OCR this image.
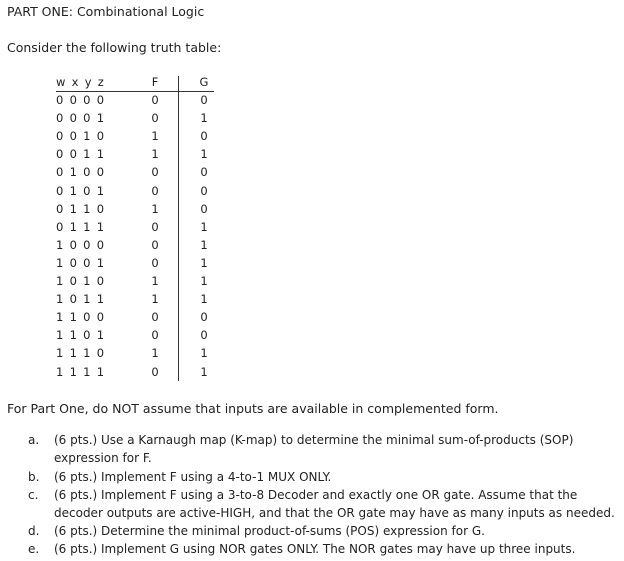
PART ONE: Combinational Logic
Consider the following truth table:
w x y z	F	G
0 0 0 0	0	0
0 0 0 1	0	1
0 0 1 0	1	0
0 0 1 1	1	1
0 1 0 0	0	0
0 1 0 1	0	0
0 1 1 0	1	0
0 1 1 1	0	1
1 0 0 0	0	1
1 0 0 1	0	1
1 0 1 0	1	1
1 0 1 1	1	1
1 1 0 0	0	0
1 1 0 1	0	0
1 1 1 0	1	1
1 1 1 1	0	1
For Part One, do NOT assume that inputs are available in complemented form.
a. (6 pts.) Use a Karnaugh map (K-map) to determine the minimal sum-of-products (SOP) expression for F.
b. (6 pts.) Implement F using a 4-to-1 MUX ONLY.
c. (6 pts.) Implement F using a 3-to-8 Decoder and exactly one OR gate. Assume that the decoder outputs are active-HIGH, and that the OR gate may have as many inputs as needed.
d. (6 pts.) Determine the minimal product-of-sums (POS) expression for G.
e. (6 pts.) Implement G using NOR gates ONLY. The NOR gates may have up three inputs.
